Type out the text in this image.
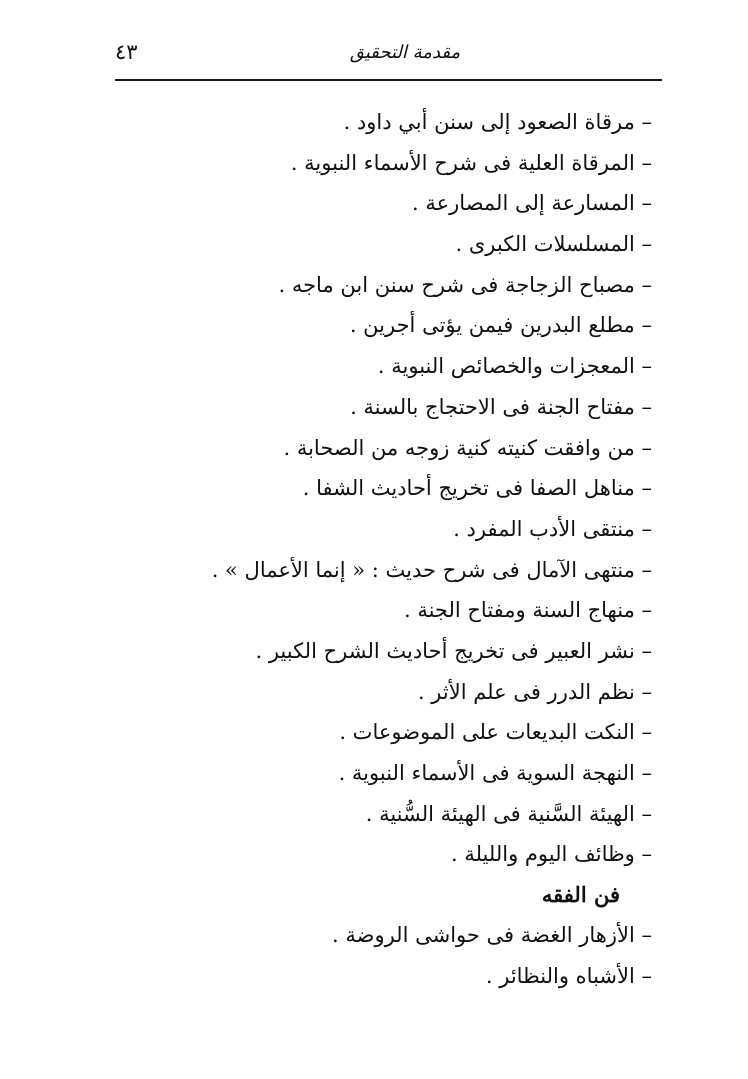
٤٣	مقدمة التحقيق
– مرقاة الصعود إلى سنن أبي داود .
– المرقاة العلية فى شرح الأسماء النبوية .
– المسارعة إلى المصارعة .
– المسلسلات الكبرى .
– مصباح الزجاجة فى شرح سنن ابن ماجه .
– مطلع البدرين فيمن يؤتى أجرين .
– المعجزات والخصائص النبوية .
– مفتاح الجنة فى الاحتجاج بالسنة .
– من وافقت كنيته كنية زوجه من الصحابة .
– مناهل الصفا فى تخريج أحاديث الشفا .
– منتقى الأدب المفرد .
– منتهى الآمال فى شرح حديث : « إنما الأعمال » .
– منهاج السنة ومفتاح الجنة .
– نشر العبير فى تخريج أحاديث الشرح الكبير .
– نظم الدرر فى علم الأثر .
– النكت البديعات على الموضوعات .
– النهجة السوية فى الأسماء النبوية .
– الهيئة السَّنية فى الهيئة السُّنية .
– وظائف اليوم والليلة .
فن الفقه
– الأزهار الغضة فى حواشى الروضة .
– الأشباه والنظائر .
